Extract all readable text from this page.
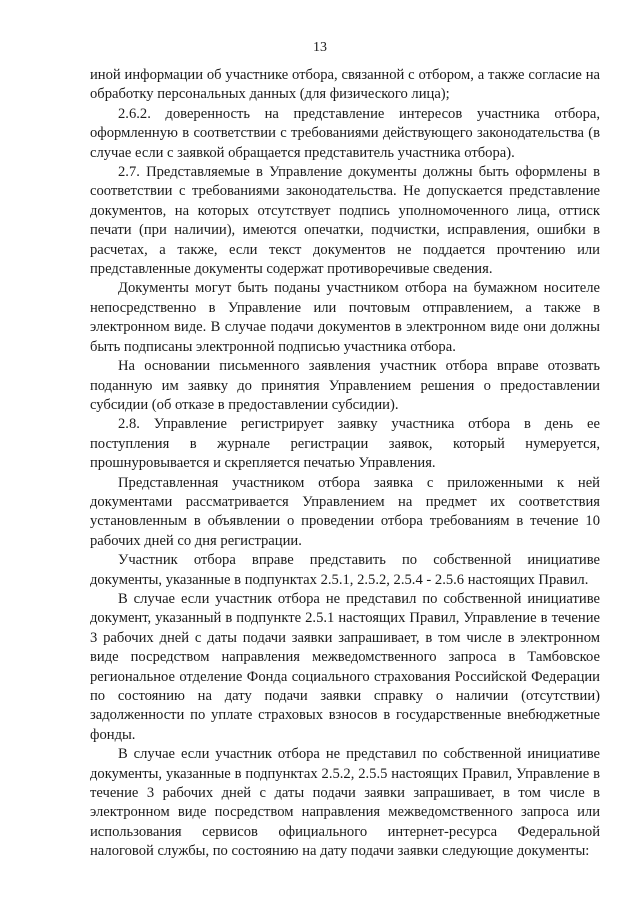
13

иной информации об участнике отбора, связанной с отбором, а также согласие на обработку персональных данных (для физического лица);

2.6.2. доверенность на представление интересов участника отбора, оформленную в соответствии с требованиями действующего законодательства (в случае если с заявкой обращается представитель участника отбора).

2.7. Представляемые в Управление документы должны быть оформлены в соответствии с требованиями законодательства. Не допускается представление документов, на которых отсутствует подпись уполномоченного лица, оттиск печати (при наличии), имеются опечатки, подчистки, исправления, ошибки в расчетах, а также, если текст документов не поддается прочтению или представленные документы содержат противоречивые сведения.

Документы могут быть поданы участником отбора на бумажном носителе непосредственно в Управление или почтовым отправлением, а также в электронном виде. В случае подачи документов в электронном виде они должны быть подписаны электронной подписью участника отбора.

На основании письменного заявления участник отбора вправе отозвать поданную им заявку до принятия Управлением решения о предоставлении субсидии (об отказе в предоставлении субсидии).

2.8. Управление регистрирует заявку участника отбора в день ее поступления в журнале регистрации заявок, который нумеруется, прошнуровывается и скрепляется печатью Управления.

Представленная участником отбора заявка с приложенными к ней документами рассматривается Управлением на предмет их соответствия установленным в объявлении о проведении отбора требованиям в течение 10 рабочих дней со дня регистрации.

Участник отбора вправе представить по собственной инициативе документы, указанные в подпунктах 2.5.1, 2.5.2, 2.5.4 - 2.5.6 настоящих Правил.

В случае если участник отбора не представил по собственной инициативе документ, указанный в подпункте 2.5.1 настоящих Правил, Управление в течение 3 рабочих дней с даты подачи заявки запрашивает, в том числе в электронном виде посредством направления межведомственного запроса в Тамбовское региональное отделение Фонда социального страхования Российской Федерации по состоянию на дату подачи заявки справку о наличии (отсутствии) задолженности по уплате страховых взносов в государственные внебюджетные фонды.

В случае если участник отбора не представил по собственной инициативе документы, указанные в подпунктах 2.5.2, 2.5.5 настоящих Правил, Управление в течение 3 рабочих дней с даты подачи заявки запрашивает, в том числе в электронном виде посредством направления межведомственного запроса или использования сервисов официального интернет-ресурса Федеральной налоговой службы, по состоянию на дату подачи заявки следующие документы:
